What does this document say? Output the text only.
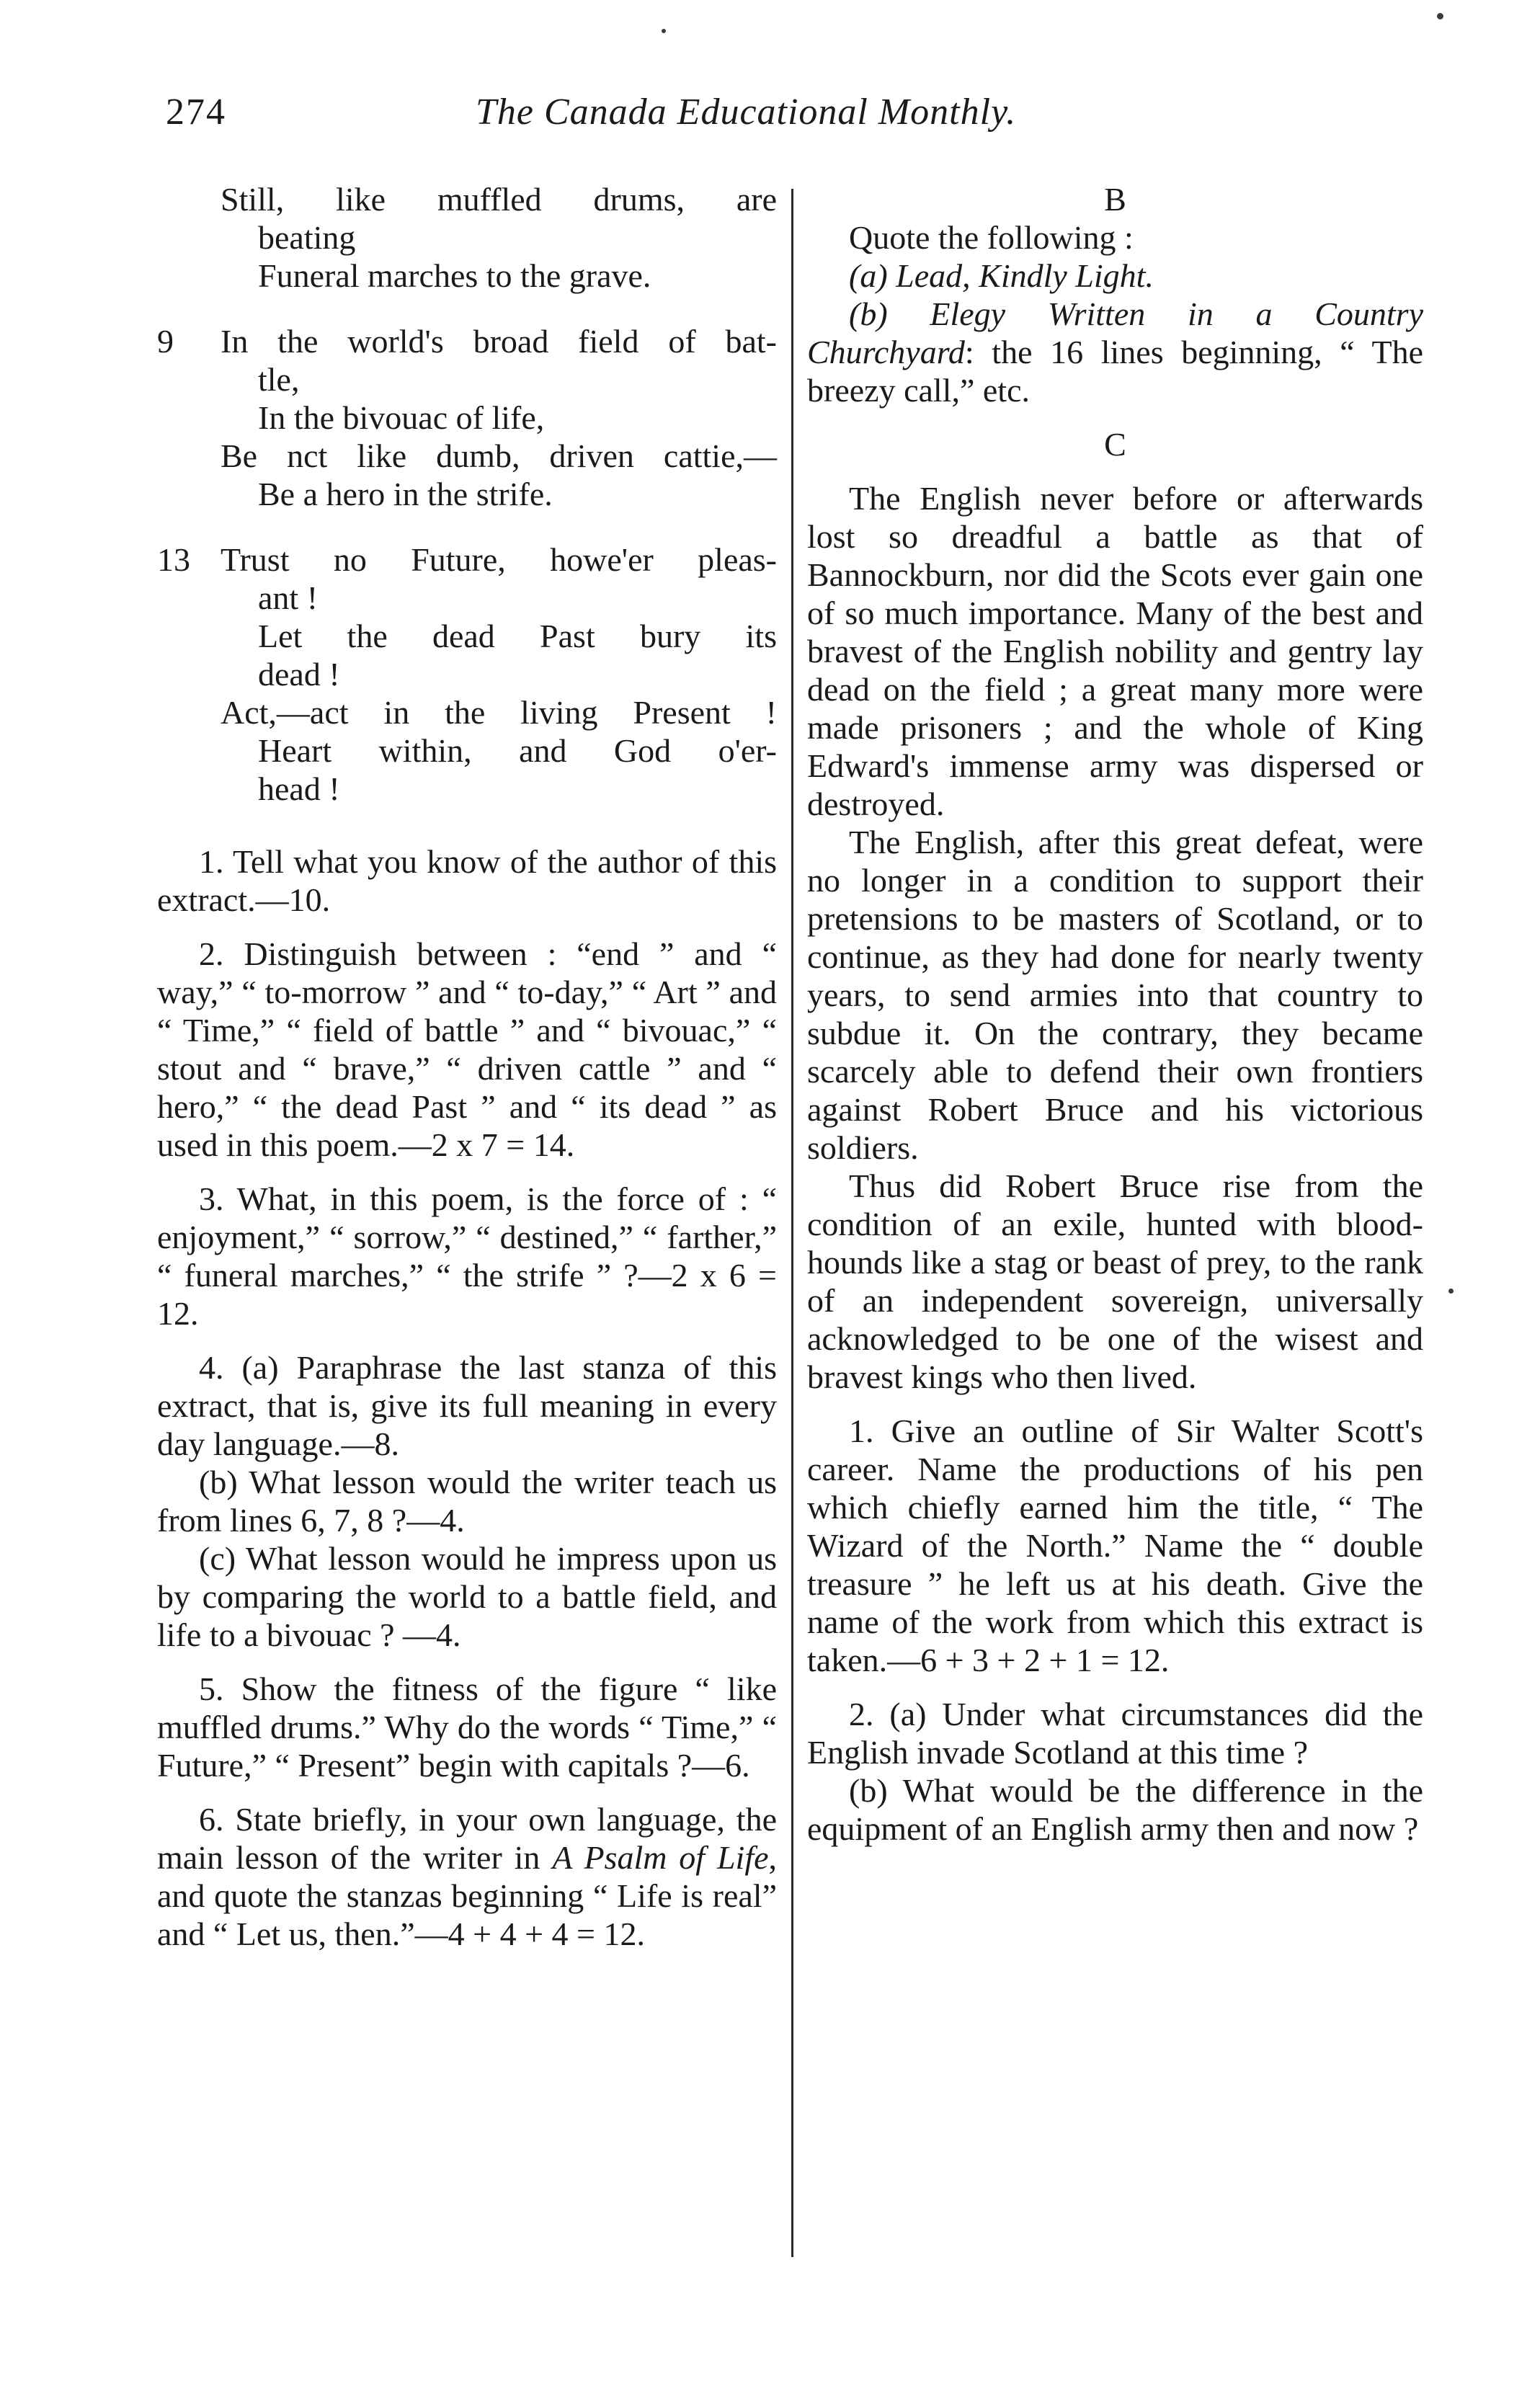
274	The Canada Educational Monthly.
Still, like muffled drums, are
beating
Funeral marches to the grave.
9 In the world's broad field of bat-
tle,
In the bivouac of life,
Be nct like dumb, driven cattie,—
Be a hero in the strife.
13 Trust no Future, howe'er pleas-
ant !
Let the dead Past bury its
dead !
Act,—act in the living Present !
Heart within, and God o'er-
head !

1. Tell what you know of the author of this extract.—10.

2. Distinguish between : “end ” and “ way,” “ to-morrow ” and “ to-day,” “ Art ” and “ Time,” “ field of battle ” and “ bivouac,” “ stout and “ brave,” “ driven cattle ” and “ hero,” “ the dead Past ” and “ its dead ” as used in this poem.—2 x 7 = 14.

3. What, in this poem, is the force of : “ enjoyment,” “ sorrow,” “ destined,” “ farther,” “ funeral marches,” “ the strife ” ?—2 x 6 = 12.

4. (a) Paraphrase the last stanza of this extract, that is, give its full meaning in every day language.—8.

(b) What lesson would the writer teach us from lines 6, 7, 8 ?—4.

(c) What lesson would he impress upon us by comparing the world to a battle field, and life to a bivouac ? —4.

5. Show the fitness of the figure “ like muffled drums.” Why do the words “ Time,” “ Future,” “ Present” begin with capitals ?—6.

6. State briefly, in your own language, the main lesson of the writer in A Psalm of Life, and quote the stanzas beginning “ Life is real” and “ Let us, then.”—4 + 4 + 4 = 12.

B

Quote the following :

(a) Lead, Kindly Light.

(b) Elegy Written in a Country Churchyard: the 16 lines beginning, “ The breezy call,” etc.

C

The English never before or afterwards lost so dreadful a battle as that of Bannockburn, nor did the Scots ever gain one of so much importance. Many of the best and bravest of the English nobility and gentry lay dead on the field ; a great many more were made prisoners ; and the whole of King Edward's immense army was dispersed or destroyed.

The English, after this great defeat, were no longer in a condition to support their pretensions to be masters of Scotland, or to continue, as they had done for nearly twenty years, to send armies into that country to subdue it. On the contrary, they became scarcely able to defend their own frontiers against Robert Bruce and his victorious soldiers.

Thus did Robert Bruce rise from the condition of an exile, hunted with blood-hounds like a stag or beast of prey, to the rank of an independent sovereign, universally acknowledged to be one of the wisest and bravest kings who then lived.

1. Give an outline of Sir Walter Scott's career. Name the productions of his pen which chiefly earned him the title, “ The Wizard of the North.” Name the “ double treasure ” he left us at his death. Give the name of the work from which this extract is taken.—6 + 3 + 2 + 1 = 12.

2. (a) Under what circumstances did the English invade Scotland at this time ?

(b) What would be the difference in the equipment of an English army then and now ?
